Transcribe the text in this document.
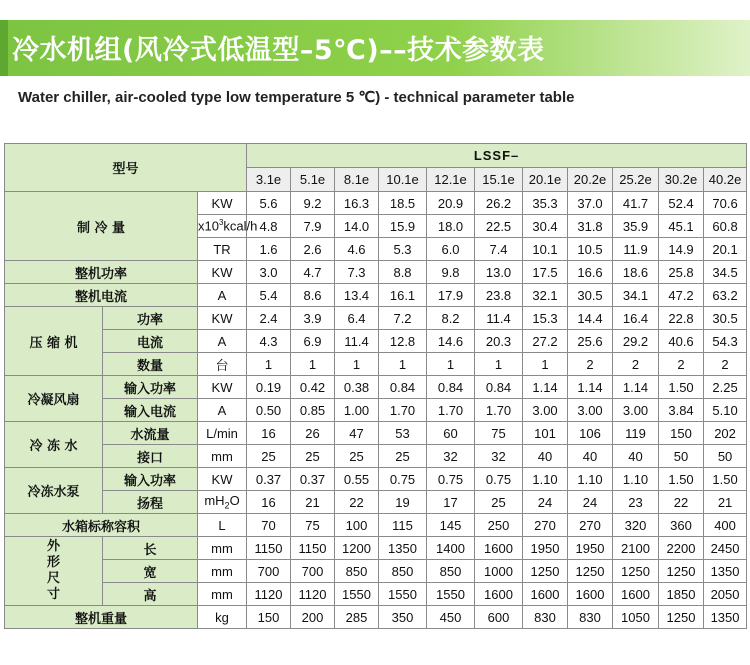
冷水机组(风冷式低温型–5℃)––技术参数表
Water chiller, air-cooled type low temperature 5 ℃) - technical parameter table
型号			LSSF–										
			3.1e	5.1e	8.1e	10.1e	12.1e	15.1e	20.1e	20.2e	25.2e	30.2e	40.2e
制 冷 量		KW	5.6	9.2	16.3	18.5	20.9	26.2	35.3	37.0	41.7	52.4	70.6
		$x10^3kcal/h$	4.8	7.9	14.0	15.9	18.0	22.5	30.4	31.8	35.9	45.1	60.8
		TR	1.6	2.6	4.6	5.3	6.0	7.4	10.1	10.5	11.9	14.9	20.1
整机功率		KW	3.0	4.7	7.3	8.8	9.8	13.0	17.5	16.6	18.6	25.8	34.5
整机电流		A	5.4	8.6	13.4	16.1	17.9	23.8	32.1	30.5	34.1	47.2	63.2
压 缩 机	功率	KW	2.4	3.9	6.4	7.2	8.2	11.4	15.3	14.4	16.4	22.8	30.5
	电流	A	4.3	6.9	11.4	12.8	14.6	20.3	27.2	25.6	29.2	40.6	54.3
	数量	台	1	1	1	1	1	1	1	2	2	2	2
冷凝风扇	输入功率	KW	0.19	0.42	0.38	0.84	0.84	0.84	1.14	1.14	1.14	1.50	2.25
	输入电流	A	0.50	0.85	1.00	1.70	1.70	1.70	3.00	3.00	3.00	3.84	5.10
冷 冻 水	水流量	L/min	16	26	47	53	60	75	101	106	119	150	202
	接口	mm	25	25	25	25	32	32	40	40	40	50	50
冷冻水泵	输入功率	KW	0.37	0.37	0.55	0.75	0.75	0.75	1.10	1.10	1.10	1.50	1.50
	扬程	$mH_2O$	16	21	22	19	17	25	24	24	23	22	21
水箱标称容积		L	70	75	100	115	145	250	270	270	320	360	400
外形尺寸	长	mm	1150	1150	1200	1350	1400	1600	1950	1950	2100	2200	2450
	宽	mm	700	700	850	850	850	1000	1250	1250	1250	1250	1350
	高	mm	1120	1120	1550	1550	1550	1600	1600	1600	1600	1850	2050
整机重量		kg	150	200	285	350	450	600	830	830	1050	1250	1350
